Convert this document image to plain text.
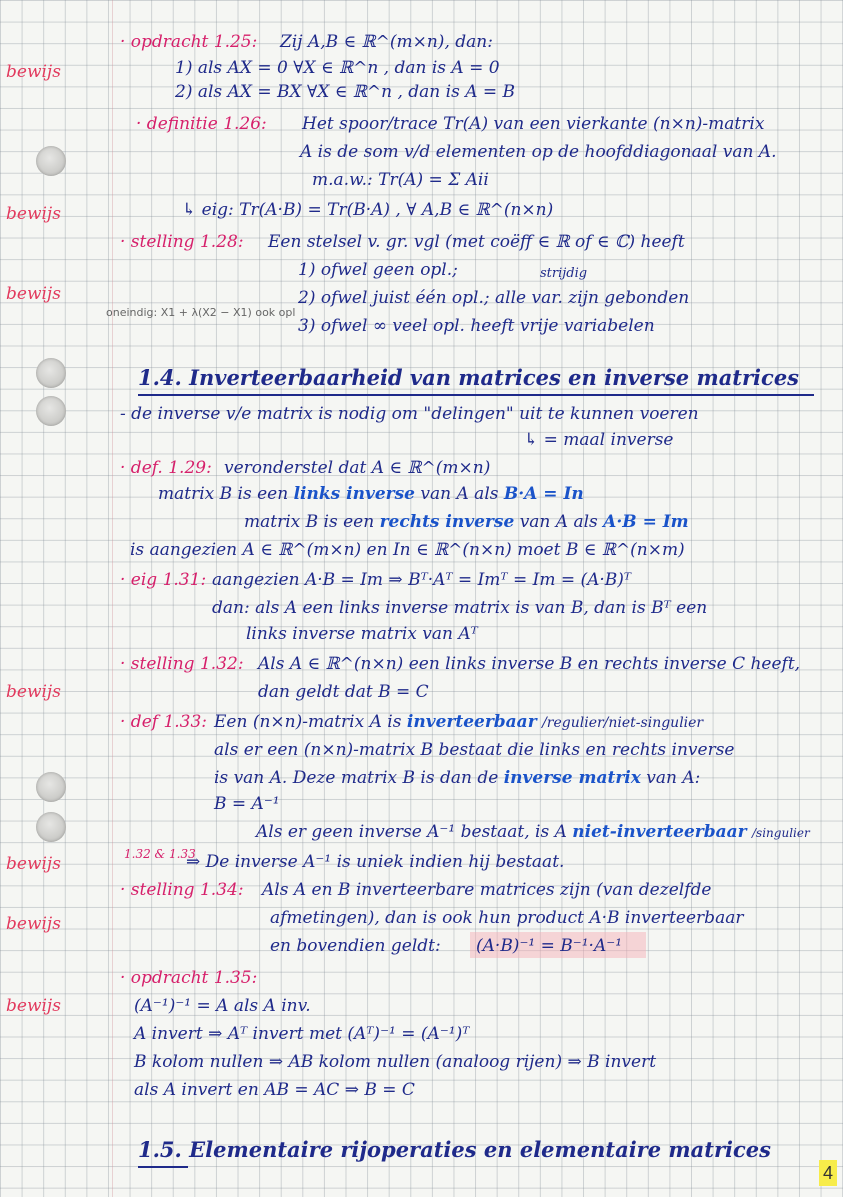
bewijs
bewijs
bewijs
bewijs
bewijs
bewijs
bewijs
· opdracht 1.25: Zij A,B ∈ ℝ^(m×n), dan:
1) als AX = 0 ∀X ∈ ℝ^n , dan is A = 0
2) als AX = BX ∀X ∈ ℝ^n , dan is A = B
· definitie 1.26: Het spoor/trace Tr(A) van een vierkante (n×n)-matrix
A is de som v/d elementen op de hoofddiagonaal van A.
m.a.w.: Tr(A) = Σ Aii
↳ eig: Tr(A·B) = Tr(B·A) , ∀ A,B ∈ ℝ^(n×n)
· stelling 1.28: Een stelsel v. gr. vgl (met coëff ∈ ℝ of ∈ ℂ) heeft
1) ofwel geen opl.;	strijdig
2) ofwel juist één opl.; alle var. zijn gebonden
oneindig: X1 + λ(X2 − X1) ook opl
3) ofwel ∞ veel opl. heeft vrije variabelen
1.4. Inverteerbaarheid van matrices en inverse matrices
- de inverse v/e matrix is nodig om "delingen" uit te kunnen voeren
↳ = maal inverse
· def. 1.29: veronderstel dat A ∈ ℝ^(m×n)
matrix B is een links inverse van A als B·A = In
matrix B is een rechts inverse van A als A·B = Im
is aangezien A ∈ ℝ^(m×n) en In ∈ ℝ^(n×n) moet B ∈ ℝ^(n×m)
· eig 1.31: aangezien A·B = Im ⇒ Bᵀ·Aᵀ = Imᵀ = Im = (A·B)ᵀ
dan: als A een links inverse matrix is van B, dan is Bᵀ een
links inverse matrix van Aᵀ
· stelling 1.32: Als A ∈ ℝ^(n×n) een links inverse B en rechts inverse C heeft,
dan geldt dat B = C
· def 1.33: Een (n×n)-matrix A is inverteerbaar /regulier/niet-singulier
als er een (n×n)-matrix B bestaat die links en rechts inverse
is van A. Deze matrix B is dan de inverse matrix van A:
B = A⁻¹
Als er geen inverse A⁻¹ bestaat, is A niet-inverteerbaar /singulier
1.32 & 1.33
⇒ De inverse A⁻¹ is uniek indien hij bestaat.
· stelling 1.34: Als A en B inverteerbare matrices zijn (van dezelfde
afmetingen), dan is ook hun product A·B inverteerbaar
en bovendien geldt: (A·B)⁻¹ = B⁻¹·A⁻¹
· opdracht 1.35:
(A⁻¹)⁻¹ = A als A inv.
A invert ⇒ Aᵀ invert met (Aᵀ)⁻¹ = (A⁻¹)ᵀ
B kolom nullen ⇒ AB kolom nullen (analoog rijen) ⇒ B invert
als A invert en AB = AC ⇒ B = C
1.5. Elementaire rijoperaties en elementaire matrices
4
